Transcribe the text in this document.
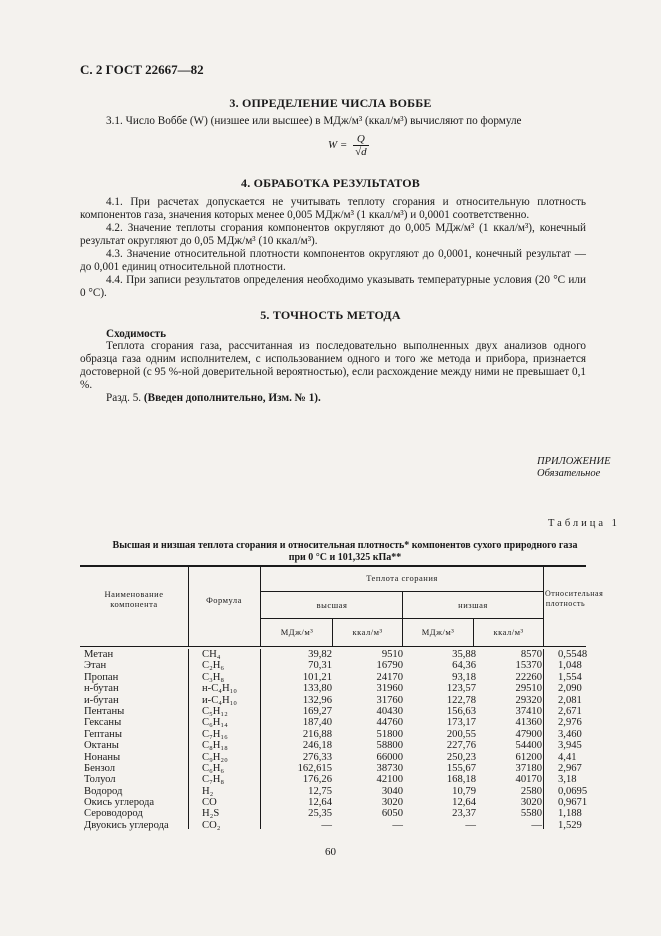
С. 2 ГОСТ 22667—82
3. ОПРЕДЕЛЕНИЕ ЧИСЛА ВОББЕ
3.1. Число Воббе (W) (низшее или высшее) в МДж/м³ (ккал/м³) вычисляют по формуле
$W = \frac{Q}{√d}$
4. ОБРАБОТКА РЕЗУЛЬТАТОВ
4.1. При расчетах допускается не учитывать теплоту сгорания и относительную плотность компонентов газа, значения которых менее 0,005 МДж/м³ (1 ккал/м³) и 0,0001 соответственно.
4.2. Значение теплоты сгорания компонентов округляют до 0,005 МДж/м³ (1 ккал/м³), конечный результат округляют до 0,05 МДж/м³ (10 ккал/м³).
4.3. Значение относительной плотности компонентов округляют до 0,0001, конечный результат — до 0,001 единиц относительной плотности.
4.4. При записи результатов определения необходимо указывать температурные условия (20 °С или 0 °С).
5. ТОЧНОСТЬ МЕТОДА
Сходимость
Теплота сгорания газа, рассчитанная из последовательно выполненных двух анализов одного образца газа одним исполнителем, с использованием одного и того же метода и прибора, признается достоверной (с 95 %-ной доверительной вероятностью), если расхождение между ними не превышает 0,1 %.
Разд. 5. (Введен дополнительно, Изм. № 1).
ПРИЛОЖЕНИЕ
Обязательное
Таблица 1
Высшая и низшая теплота сгорания и относительная плотность* компонентов сухого природного газа
при 0 °С и 101,325 кПа**
Наименование компонента	Формула
Теплота сгорания
высшая	низшая
Относительная плотность
МДж/м³	ккал/м³	МДж/м³	ккал/м³
Метан	CH₄	39,82	9510	35,88	8570 0,5548
Этан	C₂H₆	70,31	16790	64,36	15370 1,048
Пропан	C₃H₈	101,21	24170	93,18	22260 1,554
н-бутан	н-C₄H₁₀	133,80	31960	123,57	29510 2,090
и-бутан	и-C₄H₁₀	132,96	31760	122,78	29320 2,081
Пентаны	C₅H₁₂	169,27	40430	156,63	37410 2,671
Гексаны	C₆H₁₄	187,40	44760	173,17	41360 2,976
Гептаны	C₇H₁₆	216,88	51800	200,55	47900 3,460
Октаны	C₈H₁₈	246,18	58800	227,76	54400 3,945
Нонаны	C₉H₂₀	276,33	66000	250,23	61200 4,41
Бензол	C₆H₆	162,615	38730	155,67	37180 2,967
Толуол	C₇H₈	176,26	42100	168,18	40170 3,18
Водород	H₂	12,75	3040	10,79	2580 0,0695
Окись углерода	CO	12,64	3020	12,64	3020 0,9671
Сероводород	H₂S	25,35	6050	23,37	5580 1,188
Двуокись углерода	CO₂	—	—	—	— 1,529
60
